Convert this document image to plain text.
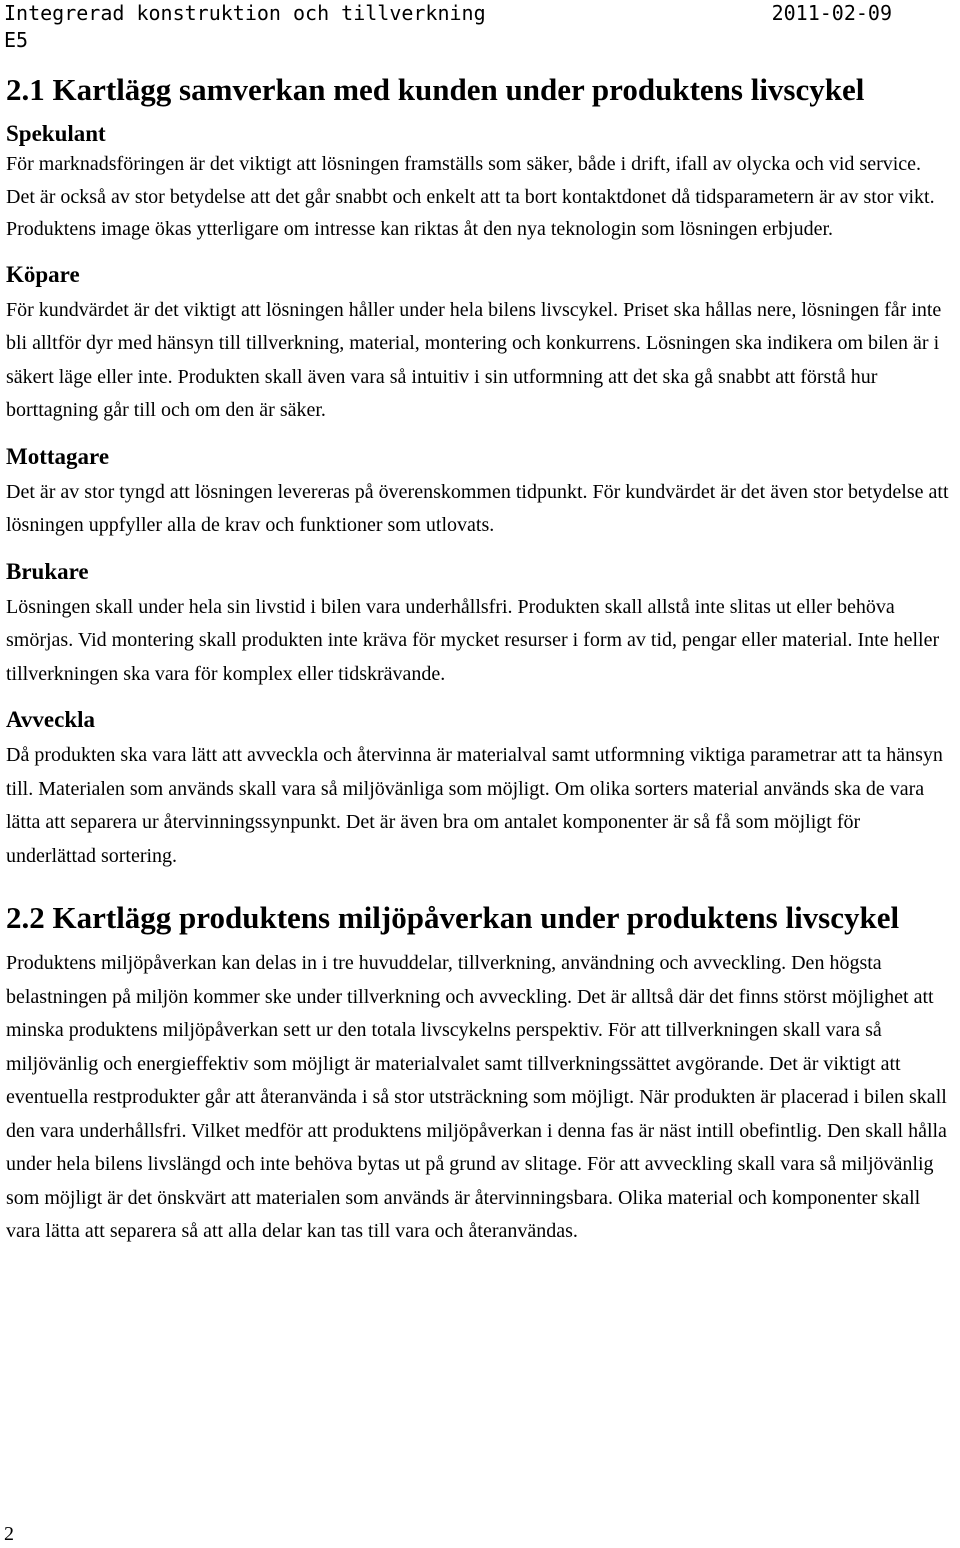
Integrerad konstruktion och tillverkning	2011-02-09
E5
2.1 Kartlägg samverkan med kunden under produktens livscykel
Spekulant

För marknadsföringen är det viktigt att lösningen framställs som säker, både i drift, ifall av olycka och vid service. Det är också av stor betydelse att det går snabbt och enkelt att ta bort kontaktdonet då tidsparametern är av stor vikt. Produktens image ökas ytterligare om intresse kan riktas åt den nya teknologin som lösningen erbjuder.

Köpare

För kundvärdet är det viktigt att lösningen håller under hela bilens livscykel. Priset ska hållas nere, lösningen får inte bli alltför dyr med hänsyn till tillverkning, material, montering och konkurrens. Lösningen ska indikera om bilen är i säkert läge eller inte. Produkten skall även vara så intuitiv i sin utformning att det ska gå snabbt att förstå hur borttagning går till och om den är säker.

Mottagare

Det är av stor tyngd att lösningen levereras på överenskommen tidpunkt. För kundvärdet är det även stor betydelse att lösningen uppfyller alla de krav och funktioner som utlovats.

Brukare

Lösningen skall under hela sin livstid i bilen vara underhållsfri. Produkten skall allstå inte slitas ut eller behöva smörjas. Vid montering skall produkten inte kräva för mycket resurser i form av tid, pengar eller material. Inte heller tillverkningen ska vara för komplex eller tidskrävande.

Avveckla

Då produkten ska vara lätt att avveckla och återvinna är materialval samt utformning viktiga parametrar att ta hänsyn till. Materialen som används skall vara så miljövänliga som möjligt. Om olika sorters material används ska de vara lätta att separera ur återvinningssynpunkt. Det är även bra om antalet komponenter är så få som möjligt för underlättad sortering.

2.2 Kartlägg produktens miljöpåverkan under produktens livscykel

Produktens miljöpåverkan kan delas in i tre huvuddelar, tillverkning, användning och avveckling. Den högsta belastningen på miljön kommer ske under tillverkning och avveckling. Det är alltså där det finns störst möjlighet att minska produktens miljöpåverkan sett ur den totala livscykelns perspektiv. För att tillverkningen skall vara så miljövänlig och energieffektiv som möjligt är materialvalet samt tillverkningssättet avgörande. Det är viktigt att eventuella restprodukter går att återanvända i så stor utsträckning som möjligt. När produkten är placerad i bilen skall den vara underhållsfri. Vilket medför att produktens miljöpåverkan i denna fas är näst intill obefintlig. Den skall hålla under hela bilens livslängd och inte behöva bytas ut på grund av slitage. För att avveckling skall vara så miljövänlig som möjligt är det önskvärt att materialen som används är återvinningsbara. Olika material och komponenter skall vara lätta att separera så att alla delar kan tas till vara och återanvändas.

2
